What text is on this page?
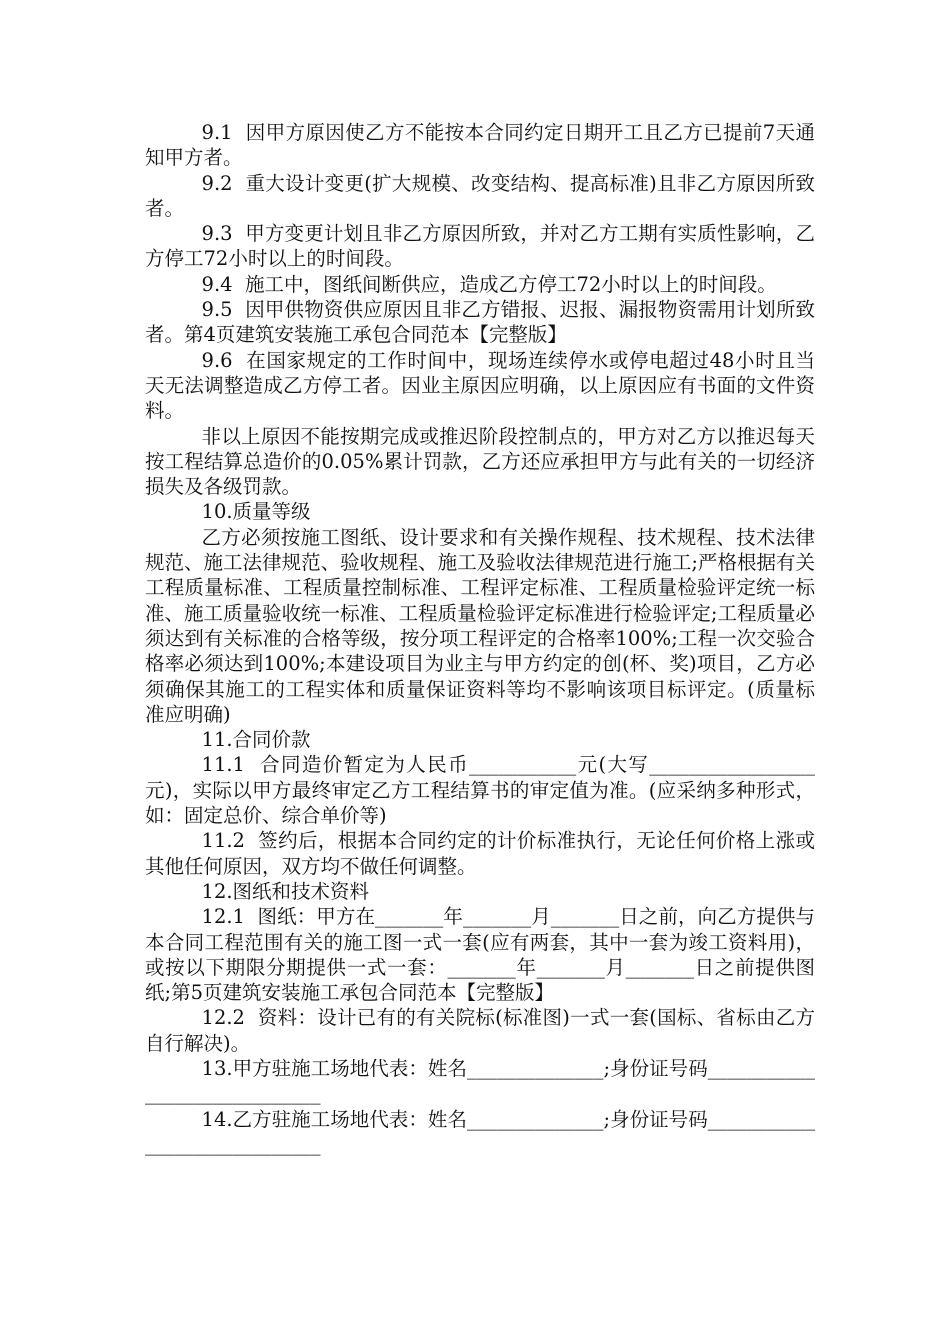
9.1  因甲方原因使乙方不能按本合同约定日期开工且乙方已提前7天通知甲方者。

9.2  重大设计变更(扩大规模、改变结构、提高标准)且非乙方原因所致者。

9.3  甲方变更计划且非乙方原因所致，并对乙方工期有实质性影响，乙方停工72小时以上的时间段。

9.4  施工中，图纸间断供应，造成乙方停工72小时以上的时间段。

9.5  因甲供物资供应原因且非乙方错报、迟报、漏报物资需用计划所致者。第4页建筑安装施工承包合同范本【完整版】

9.6  在国家规定的工作时间中，现场连续停水或停电超过48小时且当天无法调整造成乙方停工者。因业主原因应明确，以上原因应有书面的文件资料。

非以上原因不能按期完成或推迟阶段控制点的，甲方对乙方以推迟每天按工程结算总造价的0.05%累计罚款，乙方还应承担甲方与此有关的一切经济损失及各级罚款。

10.质量等级

乙方必须按施工图纸、设计要求和有关操作规程、技术规程、技术法律规范、施工法律规范、验收规程、施工及验收法律规范进行施工;严格根据有关工程质量标准、工程质量控制标准、工程评定标准、工程质量检验评定统一标准、施工质量验收统一标准、工程质量检验评定标准进行检验评定;工程质量必须达到有关标准的合格等级，按分项工程评定的合格率100%;工程一次交验合格率必须达到100%;本建设项目为业主与甲方约定的创(杯、奖)项目，乙方必须确保其施工的工程实体和质量保证资料等均不影响该项目标评定。(质量标准应明确)

11.合同价款

11.1  合同造价暂定为人民币___________元(大写_________________元)，实际以甲方最终审定乙方工程结算书的审定值为准。(应采纳多种形式，如：固定总价、综合单价等)

11.2  签约后，根据本合同约定的计价标准执行，无论任何价格上涨或其他任何原因，双方均不做任何调整。

12.图纸和技术资料

12.1  图纸：甲方在_______年_______月_______日之前，向乙方提供与本合同工程范围有关的施工图一式一套(应有两套，其中一套为竣工资料用)，或按以下期限分期提供一式一套：_______年_______月_______日之前提供图纸;第5页建筑安装施工承包合同范本【完整版】

12.2  资料：设计已有的有关院标(标准图)一式一套(国标、省标由乙方自行解决)。

13.甲方驻施工场地代表：姓名______________;身份证号码_____________________________

14.乙方驻施工场地代表：姓名______________;身份证号码_____________________________
